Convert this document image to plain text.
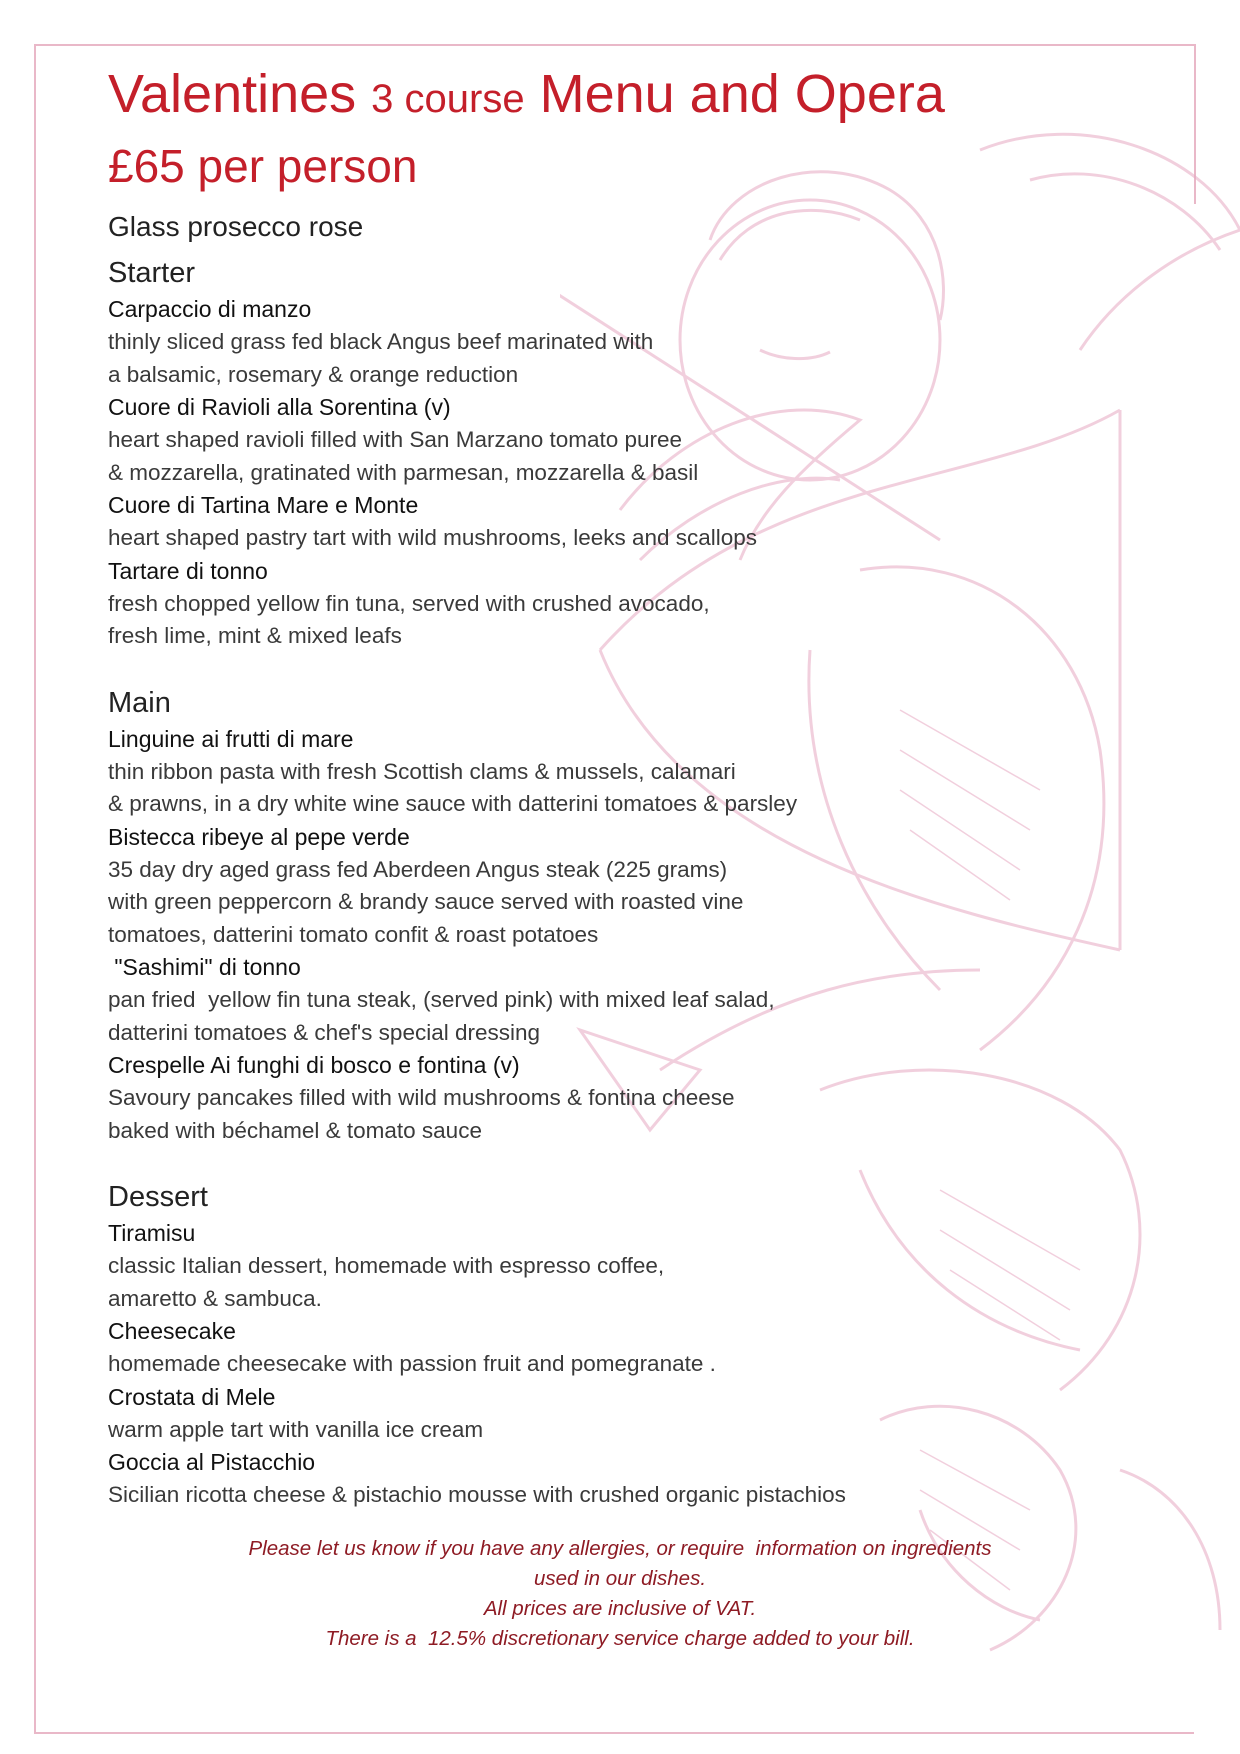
Valentines 3 course Menu and Opera
£65 per person
Glass prosecco rose
Starter
Carpaccio di manzo
thinly sliced grass fed black Angus beef marinated with
a balsamic, rosemary & orange reduction
Cuore di Ravioli alla Sorentina (v)
heart shaped ravioli filled with San Marzano tomato puree
& mozzarella, gratinated with parmesan, mozzarella & basil
Cuore di Tartina Mare e Monte
heart shaped pastry tart with wild mushrooms, leeks and scallops
Tartare di tonno
fresh chopped yellow fin tuna, served with crushed avocado,
fresh lime, mint & mixed leafs
Main
Linguine ai frutti di mare
thin ribbon pasta with fresh Scottish clams & mussels, calamari
& prawns, in a dry white wine sauce with datterini tomatoes & parsley
Bistecca ribeye al pepe verde
35 day dry aged grass fed Aberdeen Angus steak (225 grams)
with green peppercorn & brandy sauce served with roasted vine
tomatoes, datterini tomato confit & roast potatoes
"Sashimi" di tonno
pan fried  yellow fin tuna steak, (served pink) with mixed leaf salad,
datterini tomatoes & chef's special dressing
Crespelle Ai funghi di bosco e fontina (v)
Savoury pancakes filled with wild mushrooms & fontina cheese
baked with béchamel & tomato sauce
Dessert
Tiramisu
classic Italian dessert, homemade with espresso coffee,
amaretto & sambuca.
Cheesecake
homemade cheesecake with passion fruit and pomegranate .
Crostata di Mele
warm apple tart with vanilla ice cream
Goccia al Pistacchio
Sicilian ricotta cheese & pistachio mousse with crushed organic pistachios
Please let us know if you have any allergies, or require  information on ingredients
used in our dishes.
All prices are inclusive of VAT.
There is a  12.5% discretionary service charge added to your bill.
